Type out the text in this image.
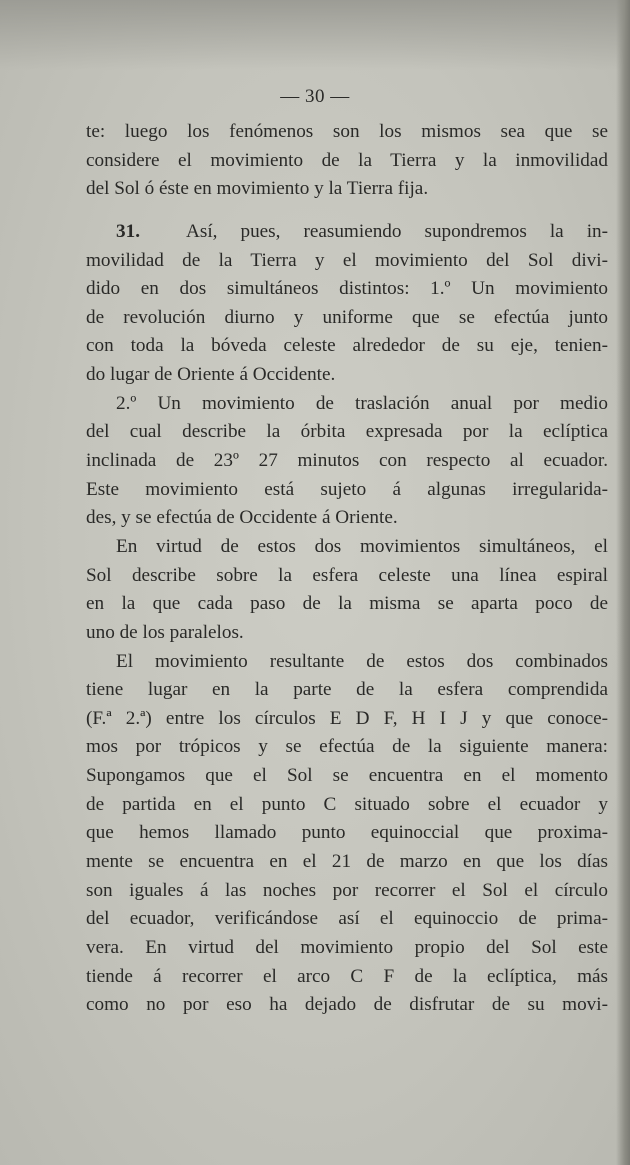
— 30 —
te: luego los fenómenos son los mismos sea que se
considere el movimiento de la Tierra y la inmovilidad
del Sol ó éste en movimiento y la Tierra fija.
31. Así, pues, reasumiendo supondremos la in-
movilidad de la Tierra y el movimiento del Sol divi-
dido en dos simultáneos distintos: 1.º Un movimiento
de revolución diurno y uniforme que se efectúa junto
con toda la bóveda celeste alrededor de su eje, tenien-
do lugar de Oriente á Occidente.
2.º Un movimiento de traslación anual por medio
del cual describe la órbita expresada por la eclíptica
inclinada de 23º 27 minutos con respecto al ecuador.
Este movimiento está sujeto á algunas irregularida-
des, y se efectúa de Occidente á Oriente.
En virtud de estos dos movimientos simultáneos, el
Sol describe sobre la esfera celeste una línea espiral
en la que cada paso de la misma se aparta poco de
uno de los paralelos.
El movimiento resultante de estos dos combinados
tiene lugar en la parte de la esfera comprendida
(F.ª 2.ª) entre los círculos E D F, H I J y que conoce-
mos por trópicos y se efectúa de la siguiente manera:
Supongamos que el Sol se encuentra en el momento
de partida en el punto C situado sobre el ecuador y
que hemos llamado punto equinoccial que proxima-
mente se encuentra en el 21 de marzo en que los días
son iguales á las noches por recorrer el Sol el círculo
del ecuador, verificándose así el equinoccio de prima-
vera. En virtud del movimiento propio del Sol este
tiende á recorrer el arco C F de la eclíptica, más
como no por eso ha dejado de disfrutar de su movi-
